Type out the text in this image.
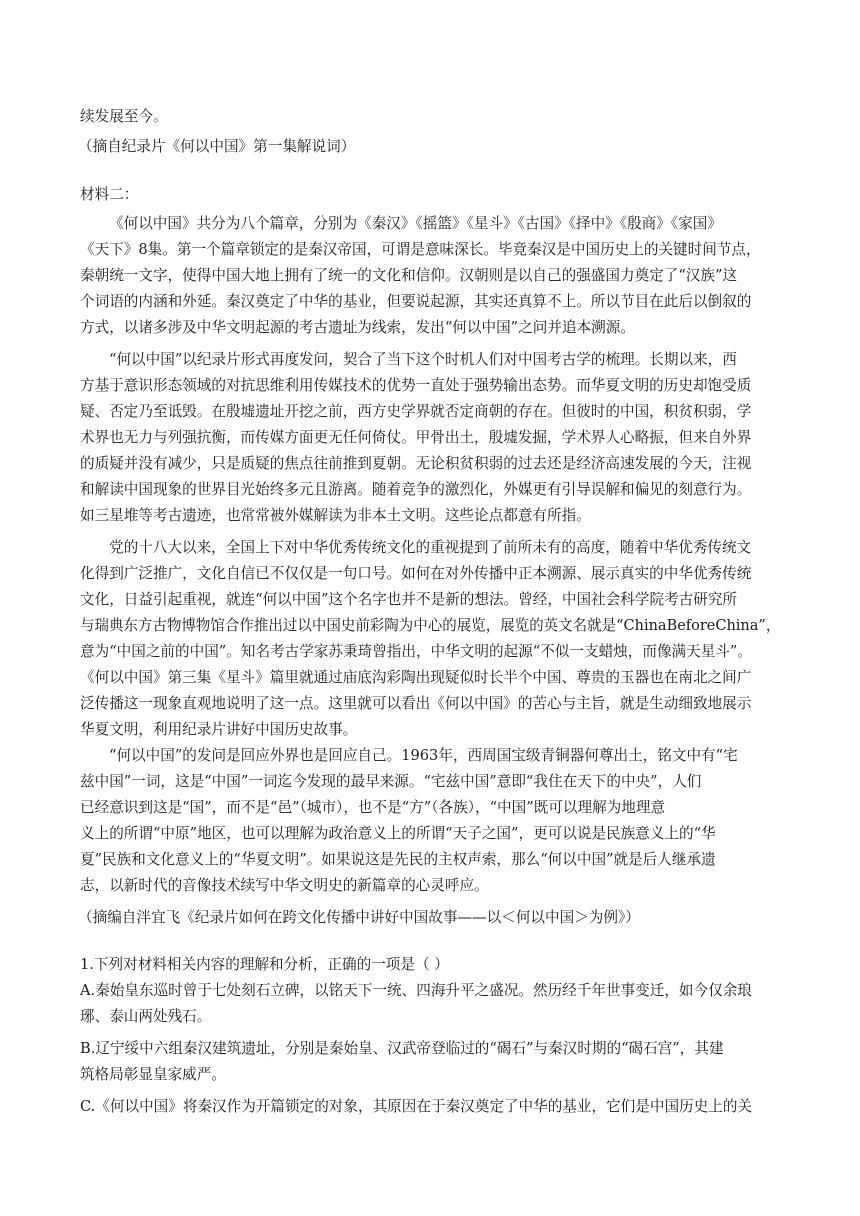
续发展至今。
（摘自纪录片《何以中国》第一集解说词）
材料二：
《何以中国》共分为八个篇章，分别为《秦汉》《摇篮》《星斗》《古国》《择中》《殷商》《家国》
《天下》8集。第一个篇章锁定的是秦汉帝国，可谓是意味深长。毕竟秦汉是中国历史上的关键时间节点，
秦朝统一文字，使得中国大地上拥有了统一的文化和信仰。汉朝则是以自己的强盛国力奠定了“汉族”这
个词语的内涵和外延。秦汉奠定了中华的基业，但要说起源，其实还真算不上。所以节目在此后以倒叙的
方式，以诸多涉及中华文明起源的考古遗址为线索，发出“何以中国”之问并追本溯源。
“何以中国”以纪录片形式再度发问，契合了当下这个时机人们对中国考古学的梳理。长期以来，西
方基于意识形态领域的对抗思维利用传媒技术的优势一直处于强势输出态势。而华夏文明的历史却饱受质
疑、否定乃至诋毁。在殷墟遗址开挖之前，西方史学界就否定商朝的存在。但彼时的中国，积贫积弱，学
术界也无力与列强抗衡，而传媒方面更无任何倚仗。甲骨出土，殷墟发掘，学术界人心略振，但来自外界
的质疑并没有减少，只是质疑的焦点往前推到夏朝。无论积贫积弱的过去还是经济高速发展的今天，注视
和解读中国现象的世界目光始终多元且游离。随着竞争的激烈化，外媒更有引导误解和偏见的刻意行为。
如三星堆等考古遗迹，也常常被外媒解读为非本土文明。这些论点都意有所指。
党的十八大以来，全国上下对中华优秀传统文化的重视提到了前所未有的高度，随着中华优秀传统文
化得到广泛推广，文化自信已不仅仅是一句口号。如何在对外传播中正本溯源、展示真实的中华优秀传统
文化，日益引起重视，就连“何以中国”这个名字也并不是新的想法。曾经，中国社会科学院考古研究所
与瑞典东方古物博物馆合作推出过以中国史前彩陶为中心的展览，展览的英文名就是“ChinaBeforeChina”，
意为“中国之前的中国”。知名考古学家苏秉琦曾指出，中华文明的起源“不似一支蜡烛，而像满天星斗”。
《何以中国》第三集《星斗》篇里就通过庙底沟彩陶出现疑似时长半个中国、尊贵的玉器也在南北之间广
泛传播这一现象直观地说明了这一点。这里就可以看出《何以中国》的苦心与主旨，就是生动细致地展示
华夏文明，利用纪录片讲好中国历史故事。
“何以中国”的发问是回应外界也是回应自己。1963年，西周国宝级青铜器何尊出土，铭文中有“宅
兹中国”一词，这是“中国”一词迄今发现的最早来源。“宅兹中国”意即“我住在天下的中央”，人们
已经意识到这是“国”，而不是“邑”（城市），也不是“方”（各族），“中国”既可以理解为地理意
义上的所谓“中原”地区，也可以理解为政治意义上的所谓“天子之国”，更可以说是民族意义上的“华
夏”民族和文化意义上的“华夏文明”。如果说这是先民的主权声索，那么“何以中国”就是后人继承遗
志，以新时代的音像技术续写中华文明史的新篇章的心灵呼应。
（摘编自泮宜飞《纪录片如何在跨文化传播中讲好中国故事——以＜何以中国＞为例》）
1.下列对材料相关内容的理解和分析，正确的一项是（ ）
A.秦始皇东巡时曾于七处刻石立碑，以铭天下一统、四海升平之盛况。然历经千年世事变迁，如今仅余琅
琊、泰山两处残石。
B.辽宁绥中六组秦汉建筑遗址，分别是秦始皇、汉武帝登临过的“碣石”与秦汉时期的“碣石宫”，其建
筑格局彰显皇家威严。
C.《何以中国》将秦汉作为开篇锁定的对象，其原因在于秦汉奠定了中华的基业，它们是中国历史上的关
